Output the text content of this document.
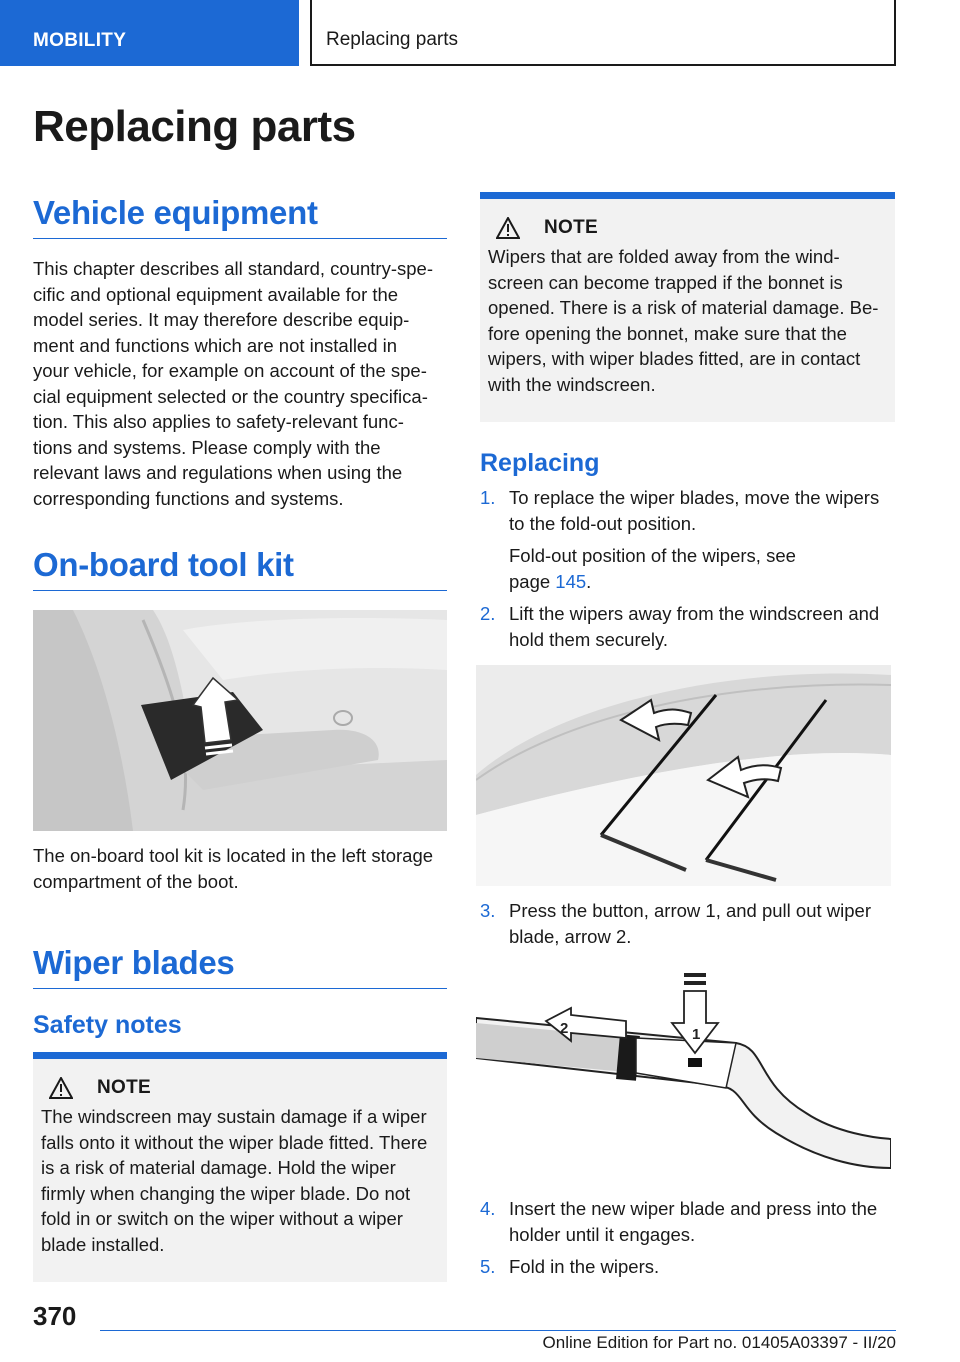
MOBILITY	Replacing parts
Replacing parts
Vehicle equipment
This chapter describes all standard, country-spe‐
cific and optional equipment available for the
model series. It may therefore describe equip‐
ment and functions which are not installed in
your vehicle, for example on account of the spe‐
cial equipment selected or the country specifica‐
tion. This also applies to safety-relevant func‐
tions and systems. Please comply with the
relevant laws and regulations when using the
corresponding functions and systems.
On-board tool kit
The on-board tool kit is located in the left storage
compartment of the boot.
Wiper blades
Safety notes
NOTE
The windscreen may sustain damage if a wiper
falls onto it without the wiper blade fitted. There
is a risk of material damage. Hold the wiper
firmly when changing the wiper blade. Do not
fold in or switch on the wiper without a wiper
blade installed.
NOTE
Wipers that are folded away from the wind‐
screen can become trapped if the bonnet is
opened. There is a risk of material damage. Be‐
fore opening the bonnet, make sure that the
wipers, with wiper blades fitted, are in contact
with the windscreen.
Replacing
1. To replace the wiper blades, move the wipers
to the fold-out position.

Fold-out position of the wipers, see
page 145.

2. Lift the wipers away from the windscreen and
hold them securely.
3. Press the button, arrow 1, and pull out wiper
blade, arrow 2.
2	1
4. Insert the new wiper blade and press into the
holder until it engages.
5. Fold in the wipers.
370
Online Edition for Part no. 01405A03397 - II/20
